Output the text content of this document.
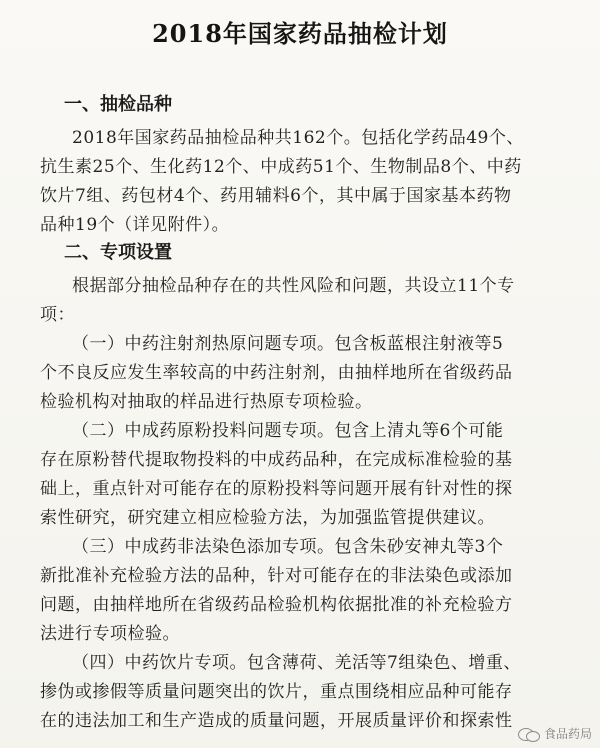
2018年国家药品抽检计划
一、抽检品种
2018年国家药品抽检品种共162个。包括化学药品49个、
抗生素25个、生化药12个、中成药51个、生物制品8个、中药
饮片7组、药包材4个、药用辅料6个，其中属于国家基本药物
品种19个（详见附件）。
二、专项设置
根据部分抽检品种存在的共性风险和问题，共设立11个专
项：
（一）中药注射剂热原问题专项。包含板蓝根注射液等5
个不良反应发生率较高的中药注射剂，由抽样地所在省级药品
检验机构对抽取的样品进行热原专项检验。
（二）中成药原粉投料问题专项。包含上清丸等6个可能
存在原粉替代提取物投料的中成药品种，在完成标准检验的基
础上，重点针对可能存在的原粉投料等问题开展有针对性的探
索性研究，研究建立相应检验方法，为加强监管提供建议。
（三）中成药非法染色添加专项。包含朱砂安神丸等3个
新批准补充检验方法的品种，针对可能存在的非法染色或添加
问题，由抽样地所在省级药品检验机构依据批准的补充检验方
法进行专项检验。
（四）中药饮片专项。包含薄荷、羌活等7组染色、增重、
掺伪或掺假等质量问题突出的饮片，重点围绕相应品种可能存
在的违法加工和生产造成的质量问题，开展质量评价和探索性
食品药局
